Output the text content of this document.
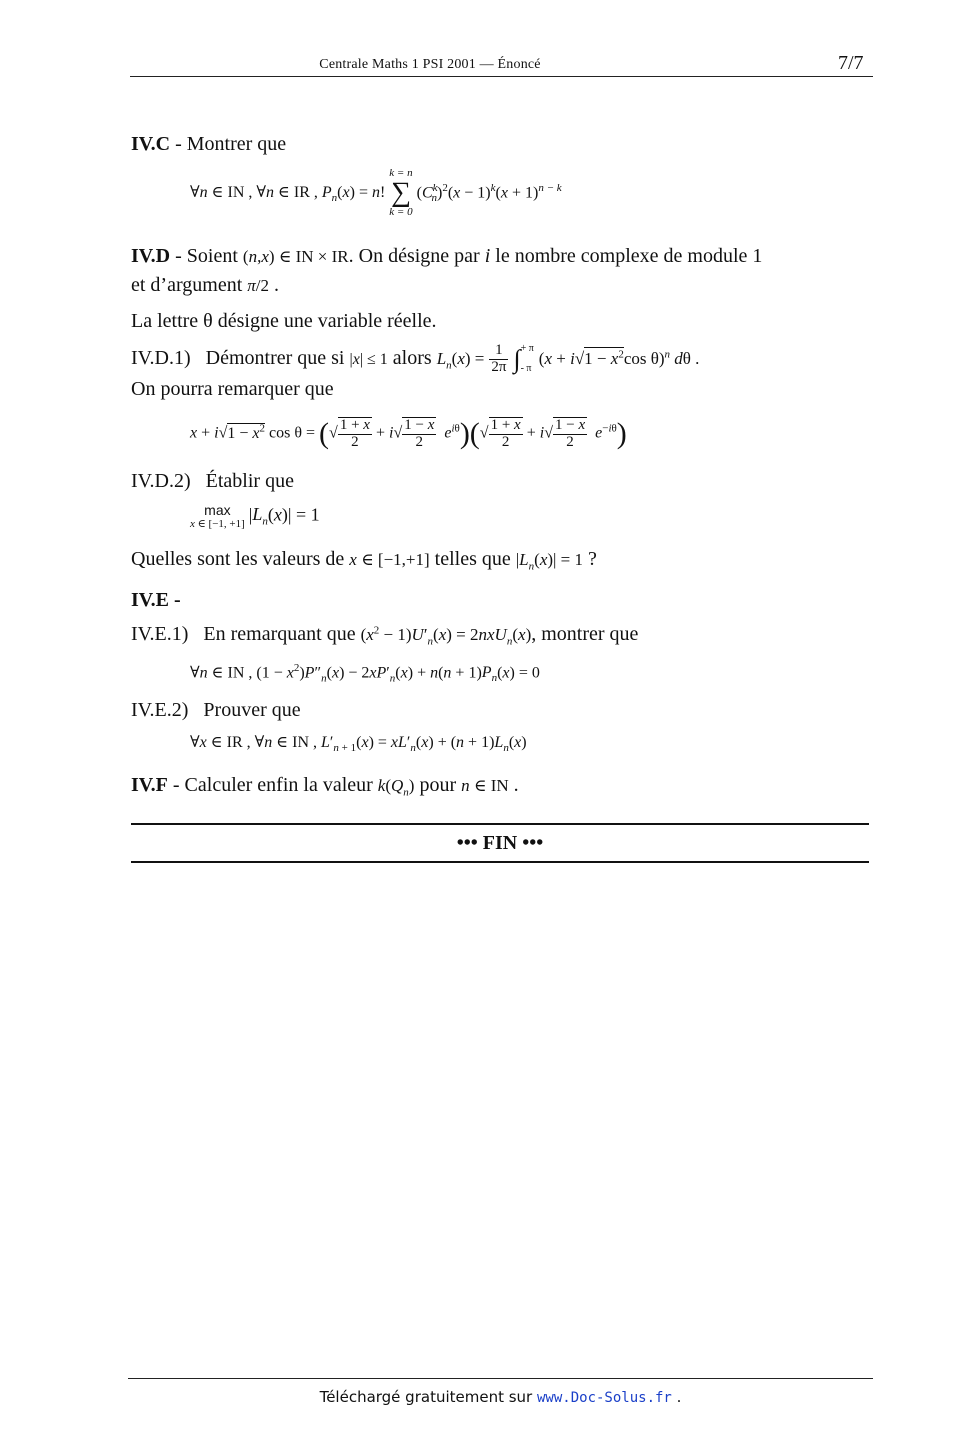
Centrale Maths 1 PSI 2001 — Énoncé	7/7
IV.C - Montrer que
∀n ∈ IN , ∀n ∈ IR , $P_n(x) = n$!
k = n
∑
k = 0
$(C^k_n)^2(x - 1)^k(x + 1)^{n - k}$
IV.D - Soient (n,x) ∈ IN × IR. On désigne par i le nombre complexe de module 1
et d’argument π/2 .
La lettre θ désigne une variable réelle.
IV.D.1) Démontrer que si |x| ≤ 1 alors $L_n(x) = \frac{1}{2\pi}$ ∫ + π
- π
($x + i√1 - x^2\cos$ θ)$^n$ dθ .
On pourra remarquer que
$x + i√1 - x^2$ cos θ = (√ $\frac{1 + x}{2} + i√ \frac{1 - x}{2} e^{i\theta})(√ \frac{1 + x}{2} + i√ \frac{1 - x}{2} e^{-i\theta})$
IV.D.2) Établir que
max
x ∈ [−1, +1] $|L_n(x)| = 1$
Quelles sont les valeurs de x ∈ [−1,+1] telles que $|L_n(x)| = 1$ ?
IV.E -
IV.E.1) En remarquant que $(x^2 - 1)U'_n(x) = 2nxU_n(x)$, montrer que
∀n ∈ IN , $(1 - x^2)P''_n(x) - 2xP'_n(x) + n(n + 1)P_n(x) = 0$
IV.E.2) Prouver que
∀x ∈ IR , ∀n ∈ IN , $L'_{n + 1}(x) = xL'_n(x) + (n + 1)L_n(x)$
IV.F - Calculer enfin la valeur $k(Q_n)$ pour n ∈ IN .
••• FIN •••
Téléchargé gratuitement sur www.Doc-Solus.fr .
